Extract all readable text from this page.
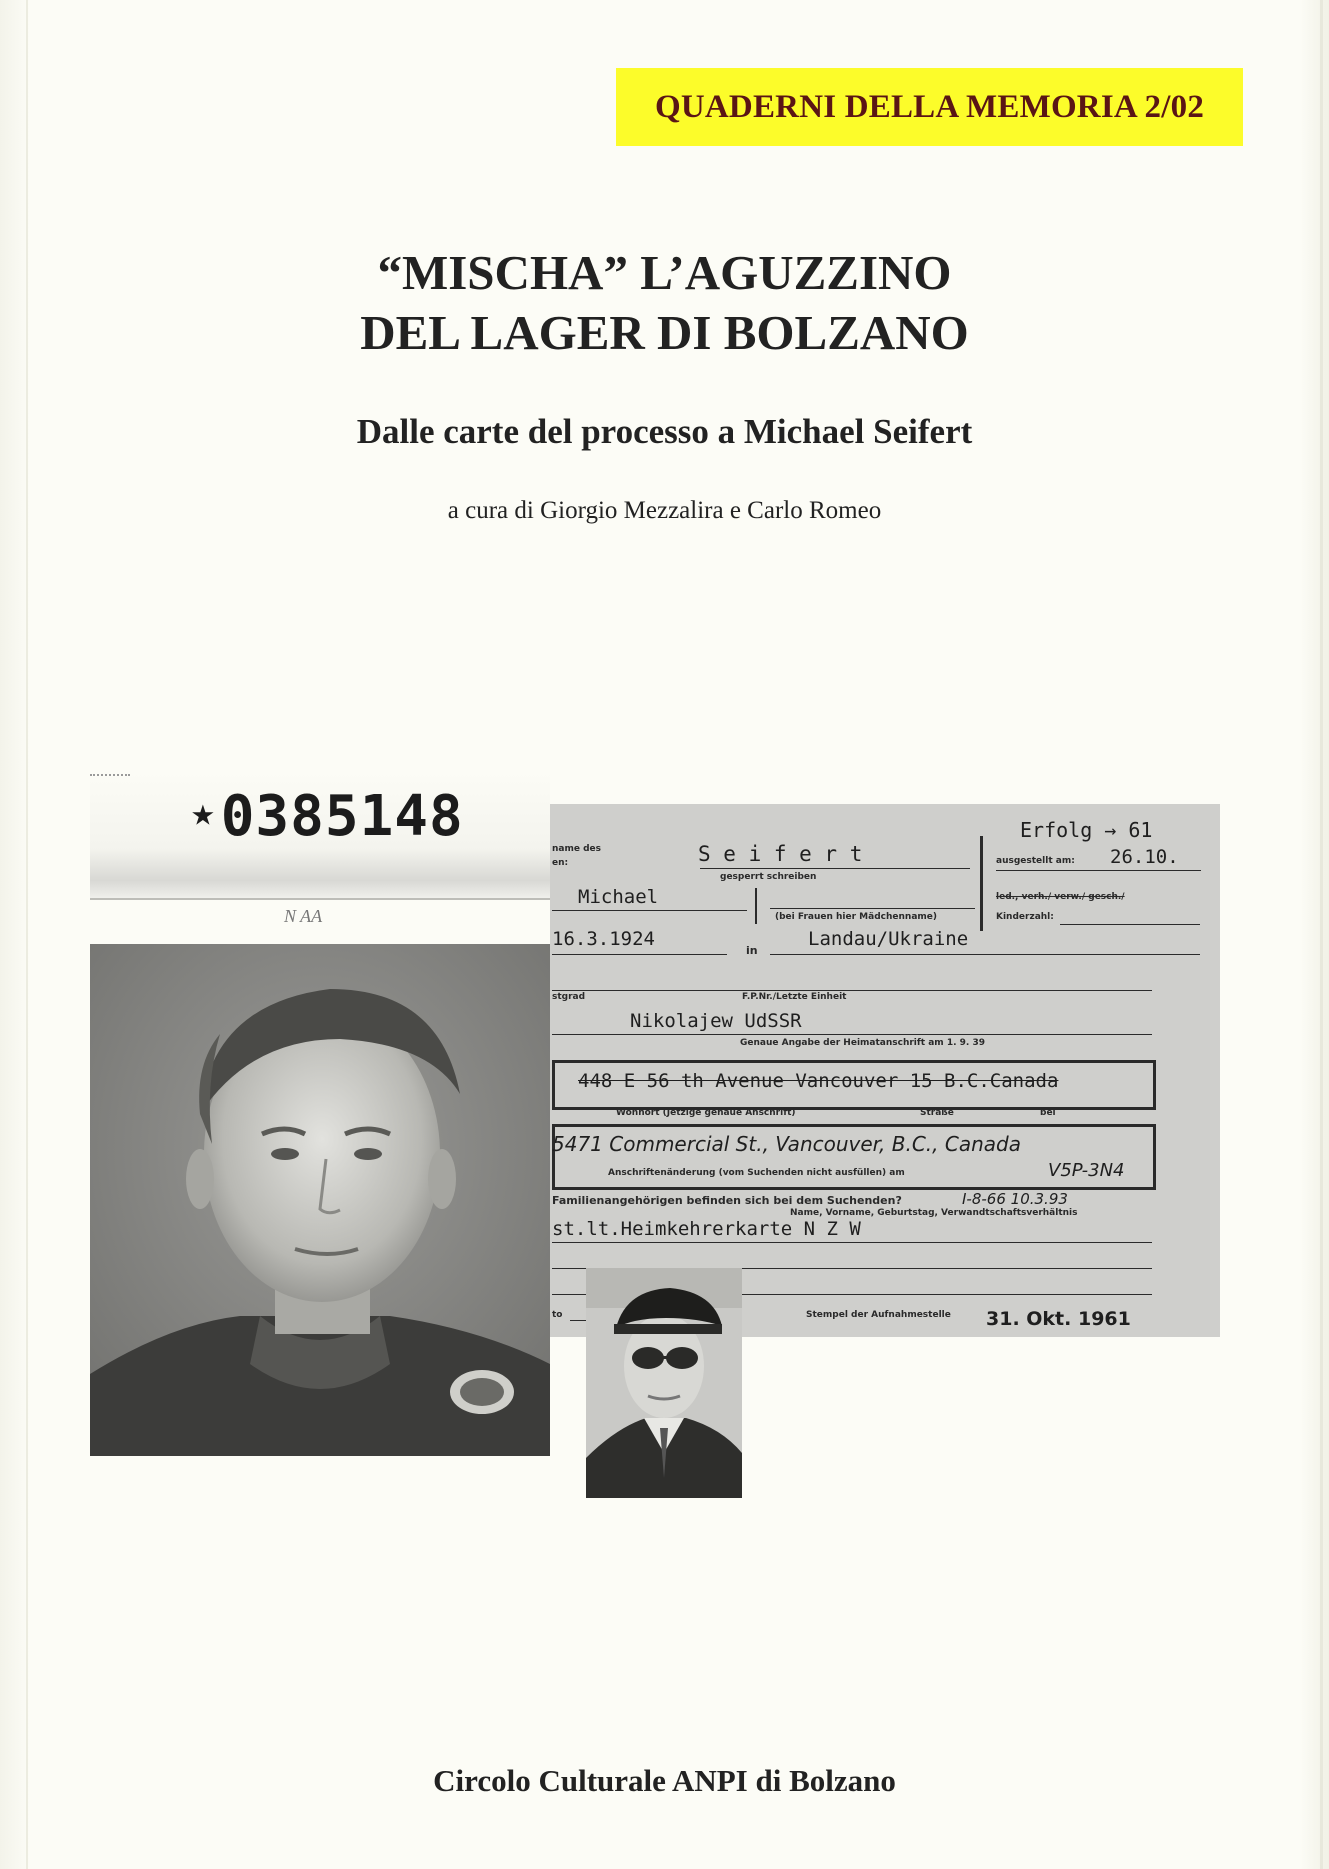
QUADERNI DELLA MEMORIA 2/02
“MISCHA” L’AGUZZINO
DEL LAGER DI BOLZANO
Dalle carte del processo a Michael Seifert
a cura di Giorgio Mezzalira e Carlo Romeo
⋆0385148
N AA
name des
en:	S e i f e r t
gesperrt schreiben
Erfolg → 61
ausgestellt am: 26.10.
Michael
(bei Frauen hier Mädchenname)
led., verh./ verw./ gesch./
Kinderzahl:
16.3.1924
in
Landau/Ukraine
stgrad	F.P.Nr./Letzte Einheit
Nikolajew UdSSR
Genaue Angabe der Heimatanschrift am 1. 9. 39
448 E 56 th Avenue Vancouver 15 B.C.Canada
Wohnort (Jetzige genaue Anschrift)	Straße	bei
5471 Commercial St., Vancouver, B.C., Canada
Anschriftenänderung (vom Suchenden nicht ausfüllen) am	V5P-3N4
Familienangehörigen befinden sich bei dem Suchenden?	I-8-66 10.3.93
Name, Vorname, Geburtstag, Verwandtschaftsverhältnis
st.lt.Heimkehrerkarte N Z W
to	Stempel der Aufnahmestelle 31. Okt. 1961
Circolo Culturale ANPI di Bolzano
